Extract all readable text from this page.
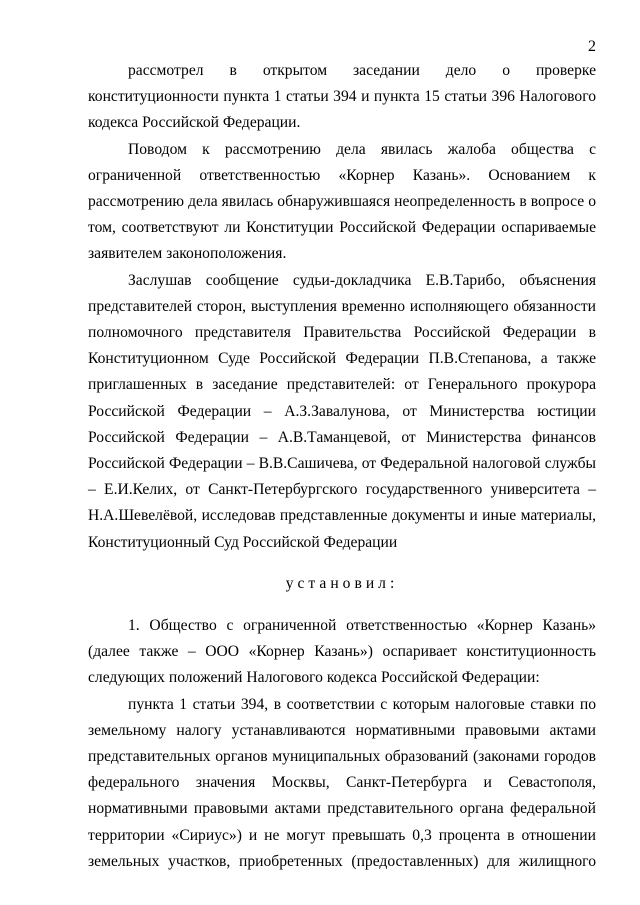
2

рассмотрел в открытом заседании дело о проверке конституционности пункта 1 статьи 394 и пункта 15 статьи 396 Налогового кодекса Российской Федерации.

Поводом к рассмотрению дела явилась жалоба общества с ограниченной ответственностью «Корнер Казань». Основанием к рассмотрению дела явилась обнаружившаяся неопределенность в вопросе о том, соответствуют ли Конституции Российской Федерации оспариваемые заявителем законоположения.

Заслушав сообщение судьи-докладчика Е.В.Тарибо, объяснения представителей сторон, выступления временно исполняющего обязанности полномочного представителя Правительства Российской Федерации в Конституционном Суде Российской Федерации П.В.Степанова, а также приглашенных в заседание представителей: от Генерального прокурора Российской Федерации – А.З.Завалунова, от Министерства юстиции Российской Федерации – А.В.Таманцевой, от Министерства финансов Российской Федерации – В.В.Сашичева, от Федеральной налоговой службы – Е.И.Келих, от Санкт-Петербургского государственного университета – Н.А.Шевелёвой, исследовав представленные документы и иные материалы, Конституционный Суд Российской Федерации

установил:

1. Общество с ограниченной ответственностью «Корнер Казань» (далее также – ООО «Корнер Казань») оспаривает конституционность следующих положений Налогового кодекса Российской Федерации:

пункта 1 статьи 394, в соответствии с которым налоговые ставки по земельному налогу устанавливаются нормативными правовыми актами представительных органов муниципальных образований (законами городов федерального значения Москвы, Санкт-Петербурга и Севастополя, нормативными правовыми актами представительного органа федеральной территории «Сириус») и не могут превышать 0,3 процента в отношении земельных участков, приобретенных (предоставленных) для жилищного
